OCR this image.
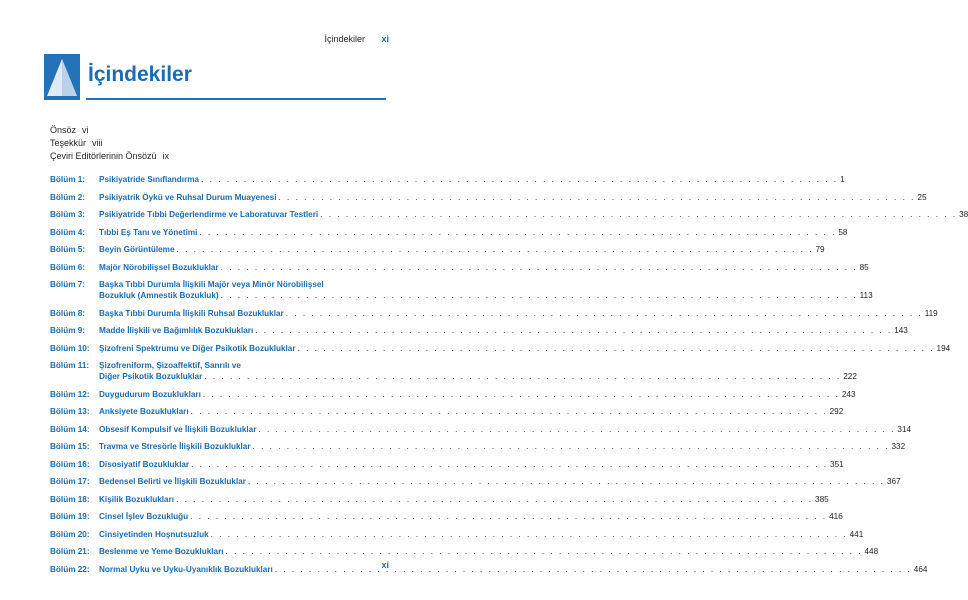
İçindekiler xi
İçindekiler
Önsöz vi
Teşekkür viii
Çeviri Editörlerinin Önsözü ix
Bölüm 1:	Psikiyatride Sınıflandırma . . .	1
Bölüm 2:	Psikiyatrik Öykü ve Ruhsal Durum Muayenesi . . .	25
Bölüm 3:	Psikiyatride Tıbbi Değerlendirme ve Laboratuvar Testleri . . .	38
Bölüm 4:	Tıbbi Eş Tanı ve Yönetimi . . .	58
Bölüm 5:	Beyin Görüntüleme . . .	79
Bölüm 6:	Majör Nörobilişsel Bozukluklar . . .	85
Bölüm 7:	Başka Tıbbi Durumla İlişkili Majör veya Minör Nörobilişsel
Bozukluk (Amnestik Bozukluk) . . .	113
Bölüm 8:	Başka Tıbbi Durumla İlişkili Ruhsal Bozukluklar . . .	119
Bölüm 9:	Madde İlişkili ve Bağımlılık Bozuklukları . . .	143
Bölüm 10:	Şizofreni Spektrumu ve Diğer Psikotik Bozukluklar . . .	194
Bölüm 11:	Şizofreniform, Şizoaffektif, Sanrılı ve
Diğer Psikotik Bozukluklar . . .	222
Bölüm 12:	Duygudurum Bozuklukları . . .	243
Bölüm 13:	Anksiyete Bozuklukları . . .	292
Bölüm 14:	Obsesif Kompulsif ve İlişkili Bozukluklar . . .	314
Bölüm 15:	Travma ve Stresörle İlişkili Bozukluklar . . .	332
Bölüm 16:	Disosiyatif Bozukluklar . . .	351
Bölüm 17:	Bedensel Belirti ve İlişkili Bozukluklar . . .	367
Bölüm 18:	Kişilik Bozuklukları . . .	385
Bölüm 19:	Cinsel İşlev Bozukluğu . . .	416
Bölüm 20:	Cinsiyetinden Hoşnutsuzluk . . .	441
Bölüm 21:	Beslenme ve Yeme Bozuklukları . . .	448
Bölüm 22:	Normal Uyku ve Uyku-Uyanıklık Bozuklukları . . .	464
xi
